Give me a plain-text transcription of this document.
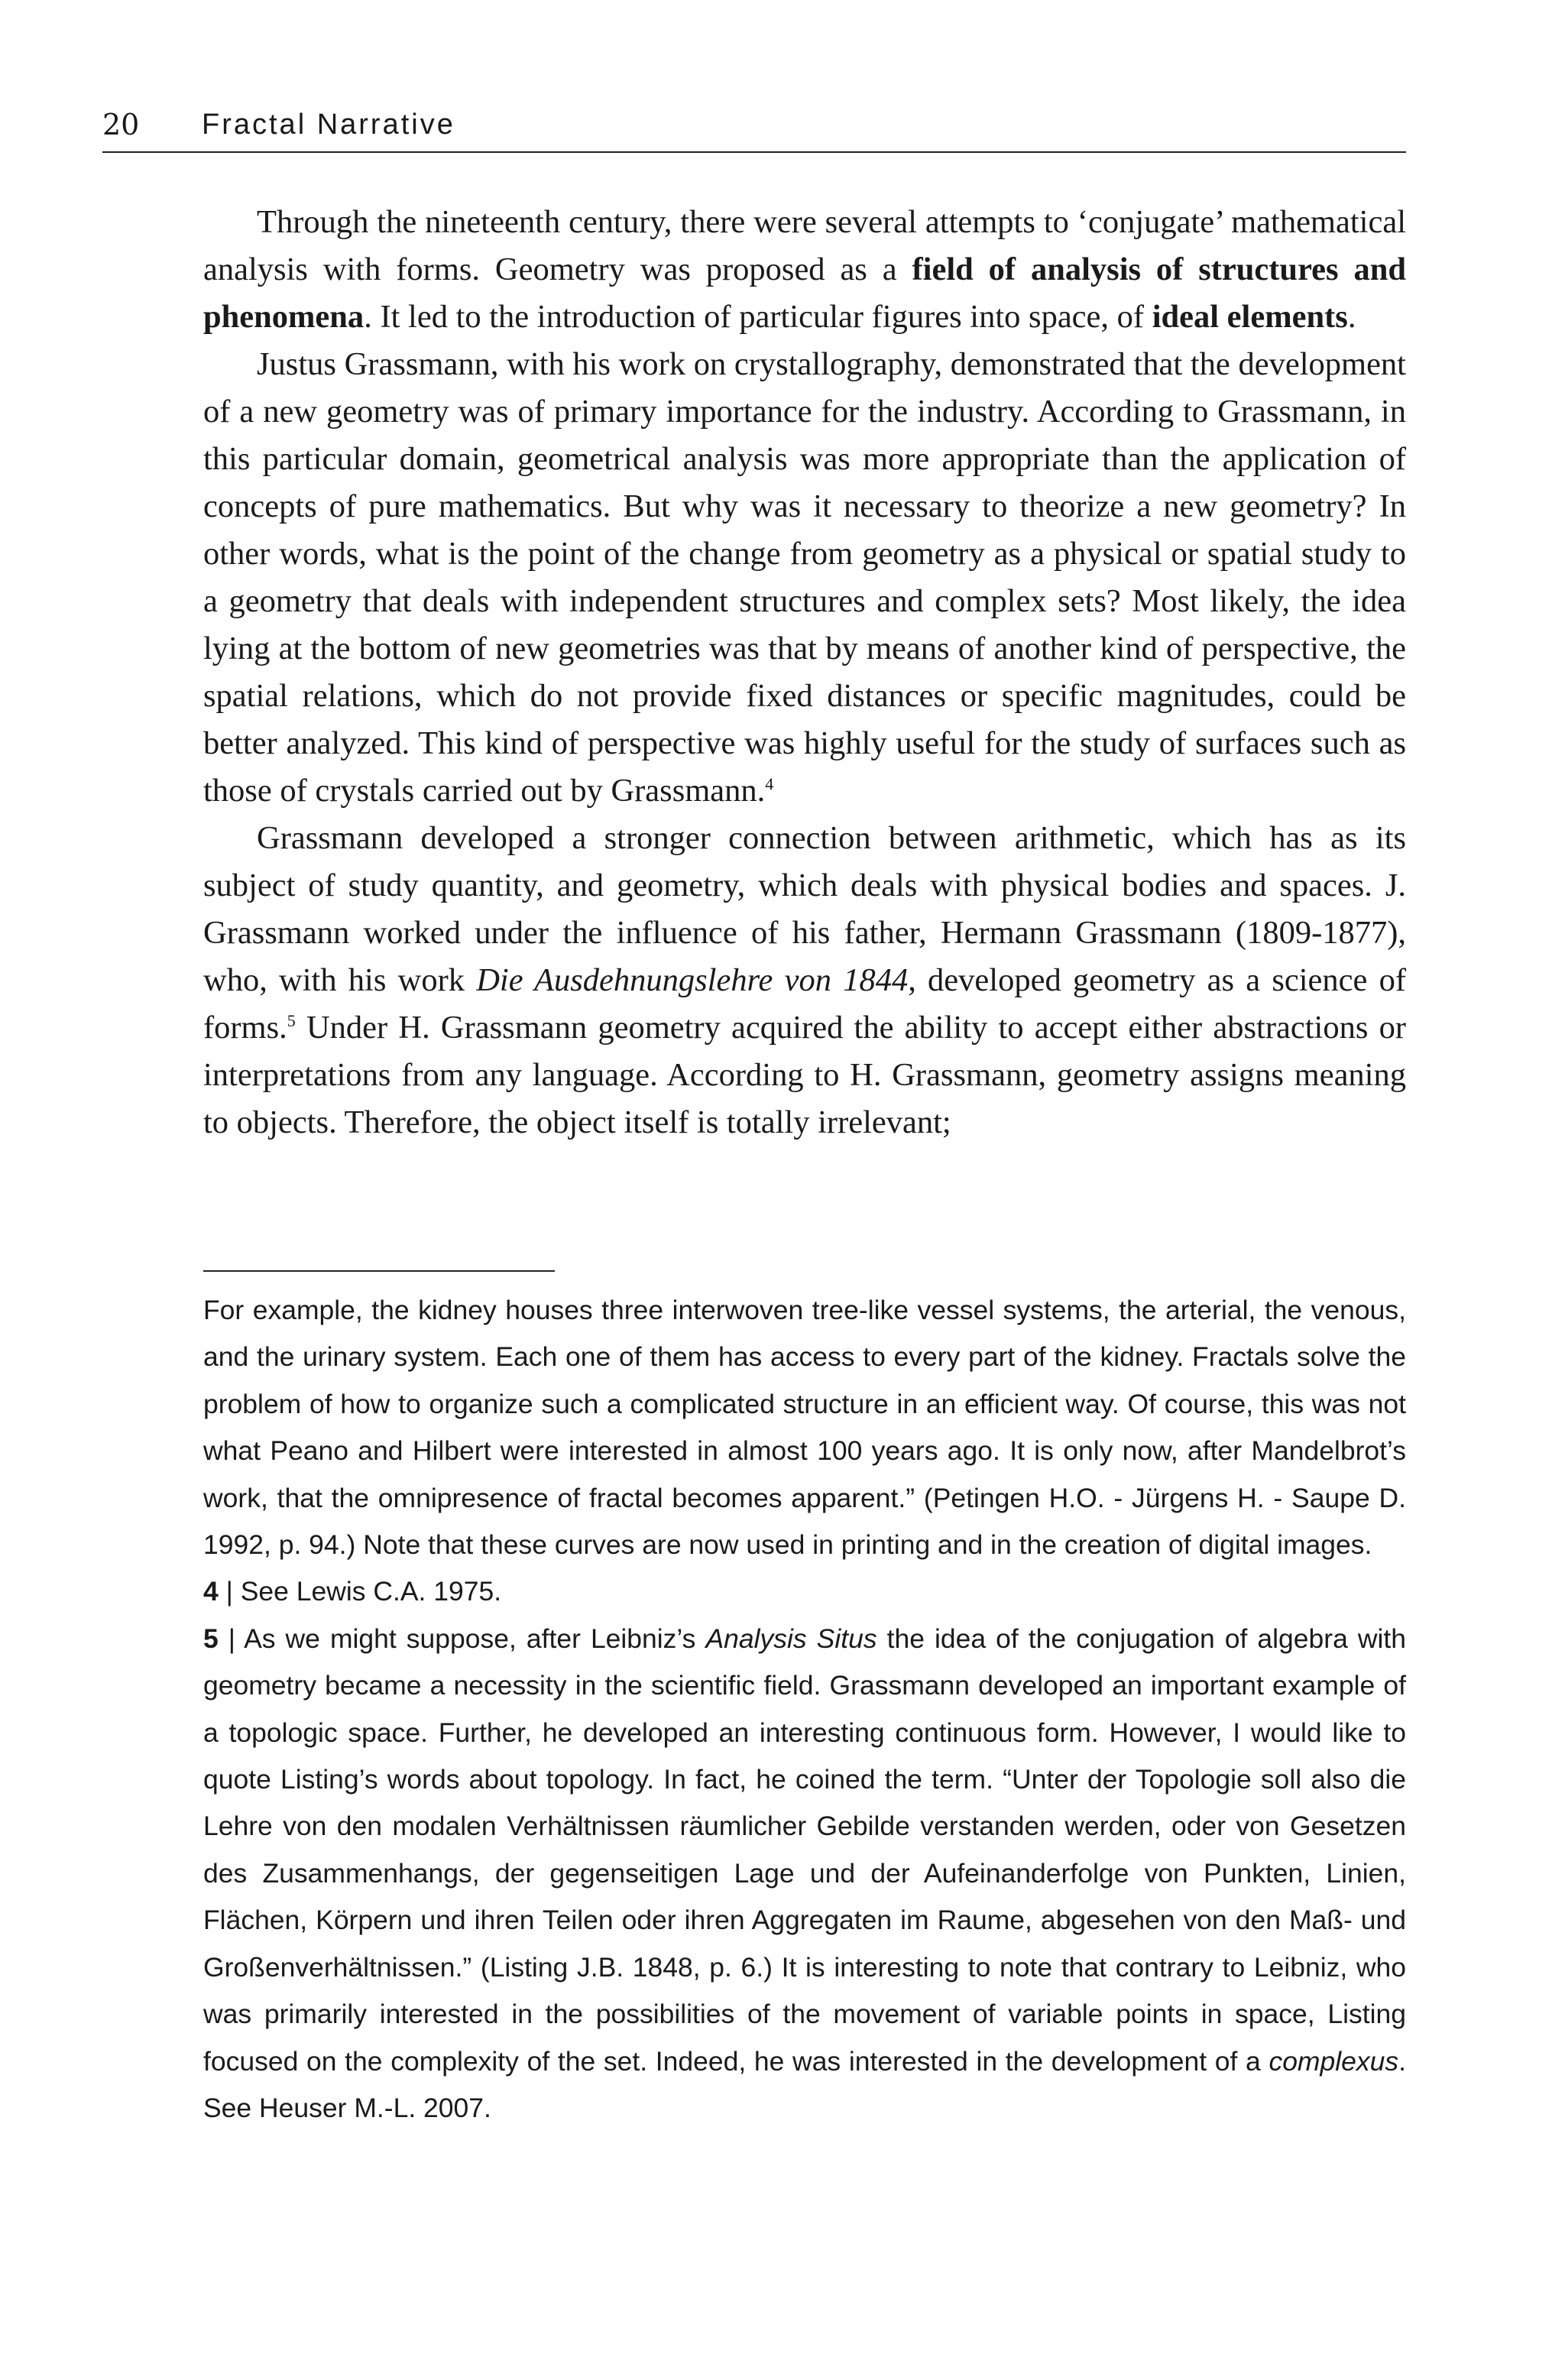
20 Fractal Narrative

Through the nineteenth century, there were several attempts to ‘conjugate’ mathematical analysis with forms. Geometry was proposed as a field of analysis of structures and phenomena. It led to the introduction of particular figures into space, of ideal elements.

Justus Grassmann, with his work on crystallography, demonstrated that the development of a new geometry was of primary importance for the industry. According to Grassmann, in this particular domain, geometrical analysis was more appropriate than the application of concepts of pure mathematics. But why was it necessary to theorize a new geometry? In other words, what is the point of the change from geometry as a physical or spatial study to a geometry that deals with independent structures and complex sets? Most likely, the idea lying at the bottom of new geometries was that by means of another kind of perspective, the spatial relations, which do not provide fixed distances or specific magnitudes, could be better analyzed. This kind of perspective was highly useful for the study of surfaces such as those of crystals carried out by Grassmann.$^4$

Grassmann developed a stronger connection between arithmetic, which has as its subject of study quantity, and geometry, which deals with physical bodies and spaces. J. Grassmann worked under the influence of his father, Hermann Grassmann (1809-1877), who, with his work Die Ausdehnungslehre von 1844, developed geometry as a science of forms.$^5$ Under H. Grassmann geometry acquired the ability to accept either abstractions or interpretations from any language. According to H. Grassmann, geometry assigns meaning to objects. Therefore, the object itself is totally irrelevant;

For example, the kidney houses three interwoven tree-like vessel systems, the arterial, the venous, and the urinary system. Each one of them has access to every part of the kidney. Fractals solve the problem of how to organize such a complicated structure in an efficient way. Of course, this was not what Peano and Hilbert were interested in almost 100 years ago. It is only now, after Mandelbrot’s work, that the omnipresence of fractal becomes apparent.” (Petingen H.O. - Jürgens H. - Saupe D. 1992, p. 94.) Note that these curves are now used in printing and in the creation of digital images.

4 | See Lewis C.A. 1975.

5 | As we might suppose, after Leibniz’s Analysis Situs the idea of the conjugation of algebra with geometry became a necessity in the scientific field. Grassmann developed an important example of a topologic space. Further, he developed an interesting continuous form. However, I would like to quote Listing’s words about topology. In fact, he coined the term. “Unter der Topologie soll also die Lehre von den modalen Verhältnissen räumlicher Gebilde verstanden werden, oder von Gesetzen des Zusammenhangs, der gegenseitigen Lage und der Aufeinanderfolge von Punkten, Linien, Flächen, Körpern und ihren Teilen oder ihren Aggregaten im Raume, abgesehen von den Maß- und Großenverhältnissen.” (Listing J.B. 1848, p. 6.) It is interesting to note that contrary to Leibniz, who was primarily interested in the possibilities of the movement of variable points in space, Listing focused on the complexity of the set. Indeed, he was interested in the development of a complexus. See Heuser M.-L. 2007.
